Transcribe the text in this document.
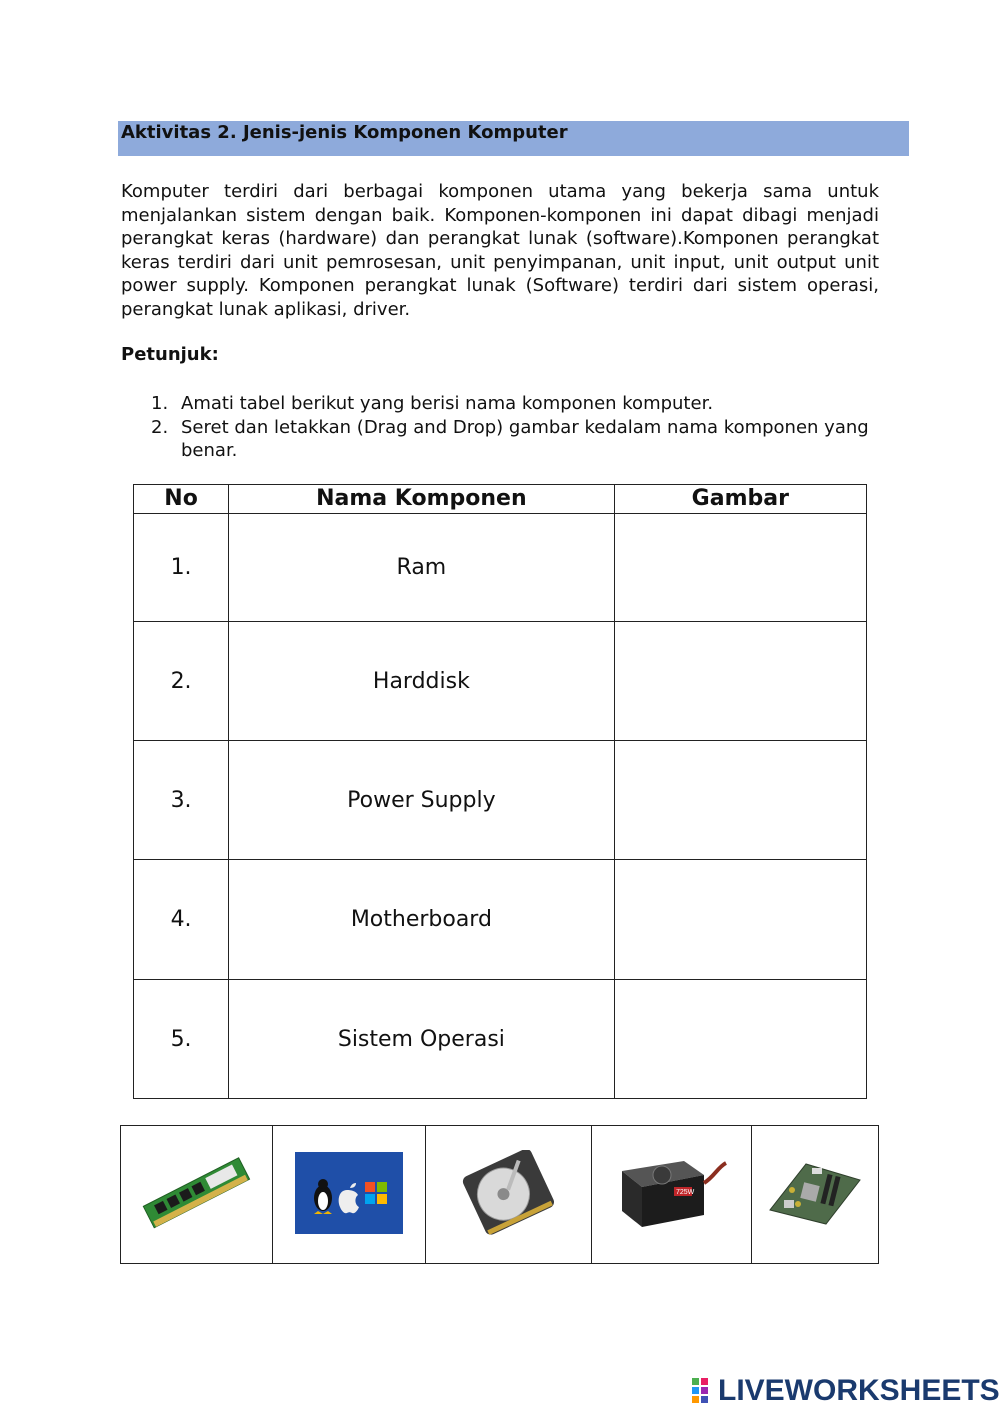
Aktivitas 2. Jenis-jenis Komponen Komputer
Komputer terdiri dari berbagai komponen utama yang bekerja sama untuk menjalankan sistem dengan baik. Komponen-komponen ini dapat dibagi menjadi perangkat keras (hardware) dan perangkat lunak (software).Komponen perangkat keras terdiri dari unit pemrosesan, unit penyimpanan, unit input, unit output unit power supply. Komponen perangkat lunak (Software) terdiri dari sistem operasi, perangkat lunak aplikasi, driver.
Petunjuk:
1. Amati tabel berikut yang berisi nama komponen komputer.
2. Seret dan letakkan (Drag and Drop) gambar kedalam nama komponen yang benar.
No	Nama Komponen	Gambar
1.	Ram	
2.	Harddisk	
3.	Power Supply	
4.	Motherboard	
5.	Sistem Operasi	

725W

LIVEWORKSHEETS
